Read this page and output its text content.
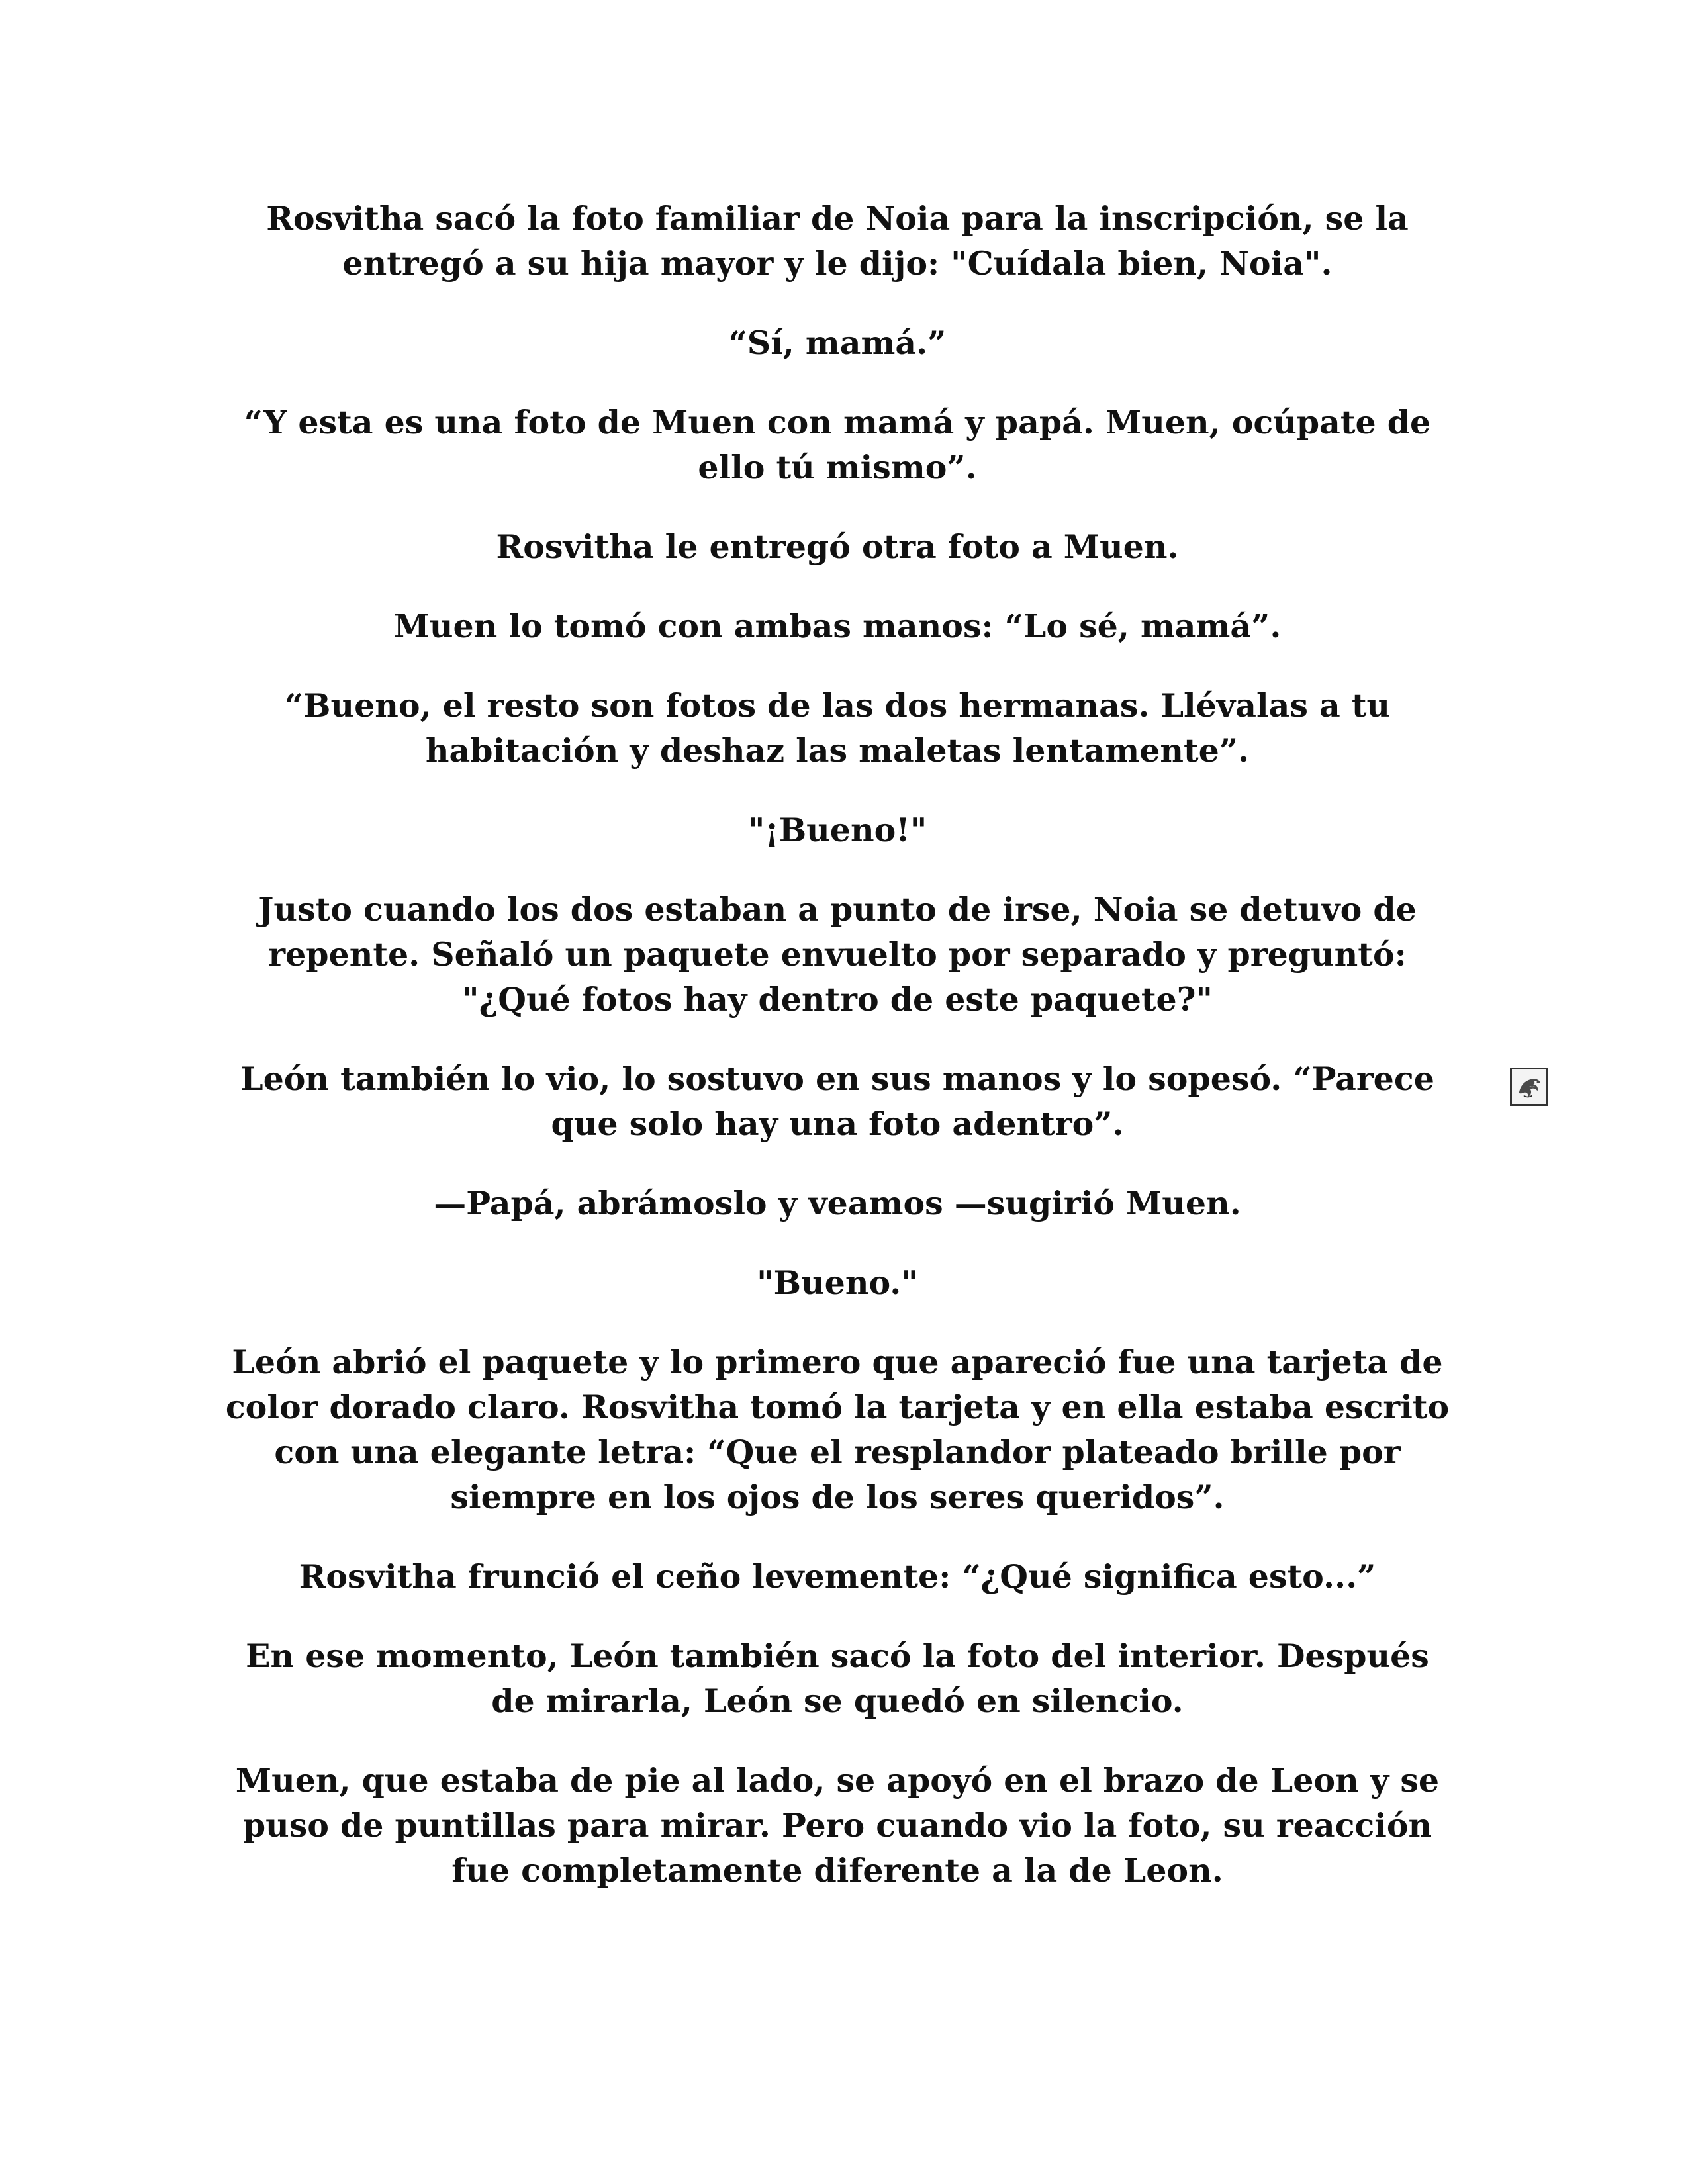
Rosvitha sacó la foto familiar de Noia para la inscripción, se la entregó a su hija mayor y le dijo: "Cuídala bien, Noia".

“Sí, mamá.”

“Y esta es una foto de Muen con mamá y papá. Muen, ocúpate de ello tú mismo”.

Rosvitha le entregó otra foto a Muen.

Muen lo tomó con ambas manos: “Lo sé, mamá”.

“Bueno, el resto son fotos de las dos hermanas. Llévalas a tu habitación y deshaz las maletas lentamente”.

"¡Bueno!"

Justo cuando los dos estaban a punto de irse, Noia se detuvo de repente. Señaló un paquete envuelto por separado y preguntó: "¿Qué fotos hay dentro de este paquete?"

León también lo vio, lo sostuvo en sus manos y lo sopesó. “Parece que solo hay una foto adentro”.

—Papá, abrámoslo y veamos —sugirió Muen.

"Bueno."

León abrió el paquete y lo primero que apareció fue una tarjeta de color dorado claro. Rosvitha tomó la tarjeta y en ella estaba escrito con una elegante letra: “Que el resplandor plateado brille por siempre en los ojos de los seres queridos”.

Rosvitha frunció el ceño levemente: “¿Qué significa esto...”

En ese momento, León también sacó la foto del interior. Después de mirarla, León se quedó en silencio.

Muen, que estaba de pie al lado, se apoyó en el brazo de Leon y se puso de puntillas para mirar. Pero cuando vio la foto, su reacción fue completamente diferente a la de Leon.
